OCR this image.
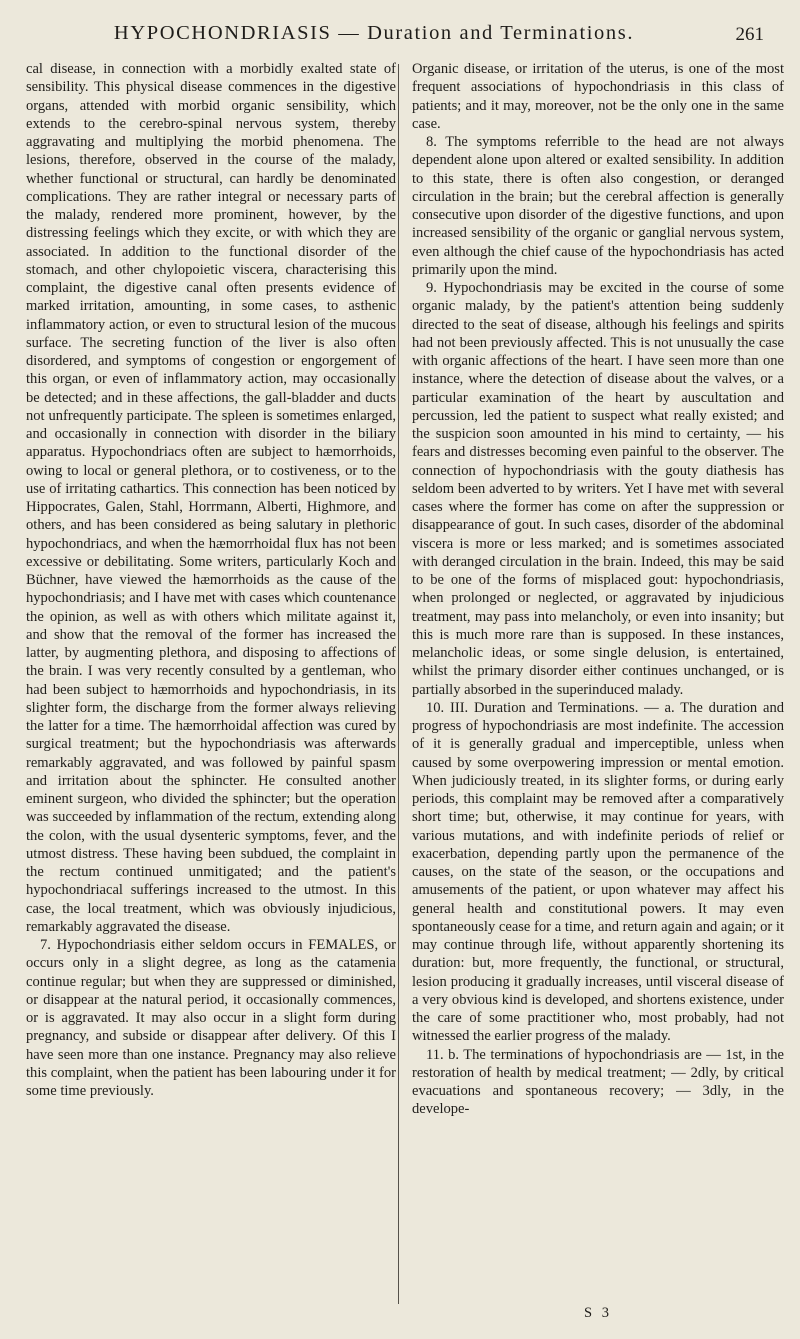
HYPOCHONDRIASIS — Duration and Terminations.	261

cal disease, in connection with a morbidly exalted state of sensibility. This physical disease commences in the digestive organs, attended with morbid organic sensibility, which extends to the cerebro-spinal nervous system, thereby aggravating and multiplying the morbid phenomena. The lesions, therefore, observed in the course of the malady, whether functional or structural, can hardly be denominated complications. They are rather integral or necessary parts of the malady, rendered more prominent, however, by the distressing feelings which they excite, or with which they are associated. In addition to the functional disorder of the stomach, and other chylopoietic viscera, characterising this complaint, the digestive canal often presents evidence of marked irritation, amounting, in some cases, to asthenic inflammatory action, or even to structural lesion of the mucous surface. The secreting function of the liver is also often disordered, and symptoms of congestion or engorgement of this organ, or even of inflammatory action, may occasionally be detected; and in these affections, the gall-bladder and ducts not unfrequently participate. The spleen is sometimes enlarged, and occasionally in connection with disorder in the biliary apparatus. Hypochondriacs often are subject to hæmorrhoids, owing to local or general plethora, or to costiveness, or to the use of irritating cathartics. This connection has been noticed by Hippocrates, Galen, Stahl, Horrmann, Alberti, Highmore, and others, and has been considered as being salutary in plethoric hypochondriacs, and when the hæmorrhoidal flux has not been excessive or debilitating. Some writers, particularly Koch and Büchner, have viewed the hæmorrhoids as the cause of the hypochondriasis; and I have met with cases which countenance the opinion, as well as with others which militate against it, and show that the removal of the former has increased the latter, by augmenting plethora, and disposing to affections of the brain. I was very recently consulted by a gentleman, who had been subject to hæmorrhoids and hypochondriasis, in its slighter form, the discharge from the former always relieving the latter for a time. The hæmorrhoidal affection was cured by surgical treatment; but the hypochondriasis was afterwards remarkably aggravated, and was followed by painful spasm and irritation about the sphincter. He consulted another eminent surgeon, who divided the sphincter; but the operation was succeeded by inflammation of the rectum, extending along the colon, with the usual dysenteric symptoms, fever, and the utmost distress. These having been subdued, the complaint in the rectum continued unmitigated; and the patient's hypochondriacal sufferings increased to the utmost. In this case, the local treatment, which was obviously injudicious, remarkably aggravated the disease.

7. Hypochondriasis either seldom occurs in FEMALES, or occurs only in a slight degree, as long as the catamenia continue regular; but when they are suppressed or diminished, or disappear at the natural period, it occasionally commences, or is aggravated. It may also occur in a slight form during pregnancy, and subside or disappear after delivery. Of this I have seen more than one instance. Pregnancy may also relieve this complaint, when the patient has been labouring under it for some time previously.

Organic disease, or irritation of the uterus, is one of the most frequent associations of hypochondriasis in this class of patients; and it may, moreover, not be the only one in the same case.

8. The symptoms referrible to the head are not always dependent alone upon altered or exalted sensibility. In addition to this state, there is often also congestion, or deranged circulation in the brain; but the cerebral affection is generally consecutive upon disorder of the digestive functions, and upon increased sensibility of the organic or ganglial nervous system, even although the chief cause of the hypochondriasis has acted primarily upon the mind.

9. Hypochondriasis may be excited in the course of some organic malady, by the patient's attention being suddenly directed to the seat of disease, although his feelings and spirits had not been previously affected. This is not unusually the case with organic affections of the heart. I have seen more than one instance, where the detection of disease about the valves, or a particular examination of the heart by auscultation and percussion, led the patient to suspect what really existed; and the suspicion soon amounted in his mind to certainty, — his fears and distresses becoming even painful to the observer. The connection of hypochondriasis with the gouty diathesis has seldom been adverted to by writers. Yet I have met with several cases where the former has come on after the suppression or disappearance of gout. In such cases, disorder of the abdominal viscera is more or less marked; and is sometimes associated with deranged circulation in the brain. Indeed, this may be said to be one of the forms of misplaced gout: hypochondriasis, when prolonged or neglected, or aggravated by injudicious treatment, may pass into melancholy, or even into insanity; but this is much more rare than is supposed. In these instances, melancholic ideas, or some single delusion, is entertained, whilst the primary disorder either continues unchanged, or is partially absorbed in the superinduced malady.

10. III. Duration and Terminations. — a. The duration and progress of hypochondriasis are most indefinite. The accession of it is generally gradual and imperceptible, unless when caused by some overpowering impression or mental emotion. When judiciously treated, in its slighter forms, or during early periods, this complaint may be removed after a comparatively short time; but, otherwise, it may continue for years, with various mutations, and with indefinite periods of relief or exacerbation, depending partly upon the permanence of the causes, on the state of the season, or the occupations and amusements of the patient, or upon whatever may affect his general health and constitutional powers. It may even spontaneously cease for a time, and return again and again; or it may continue through life, without apparently shortening its duration: but, more frequently, the functional, or structural, lesion producing it gradually increases, until visceral disease of a very obvious kind is developed, and shortens existence, under the care of some practitioner who, most probably, had not witnessed the earlier progress of the malady.

11. b. The terminations of hypochondriasis are — 1st, in the restoration of health by medical treatment; — 2dly, by critical evacuations and spontaneous recovery; — 3dly, in the develope-

S 3
